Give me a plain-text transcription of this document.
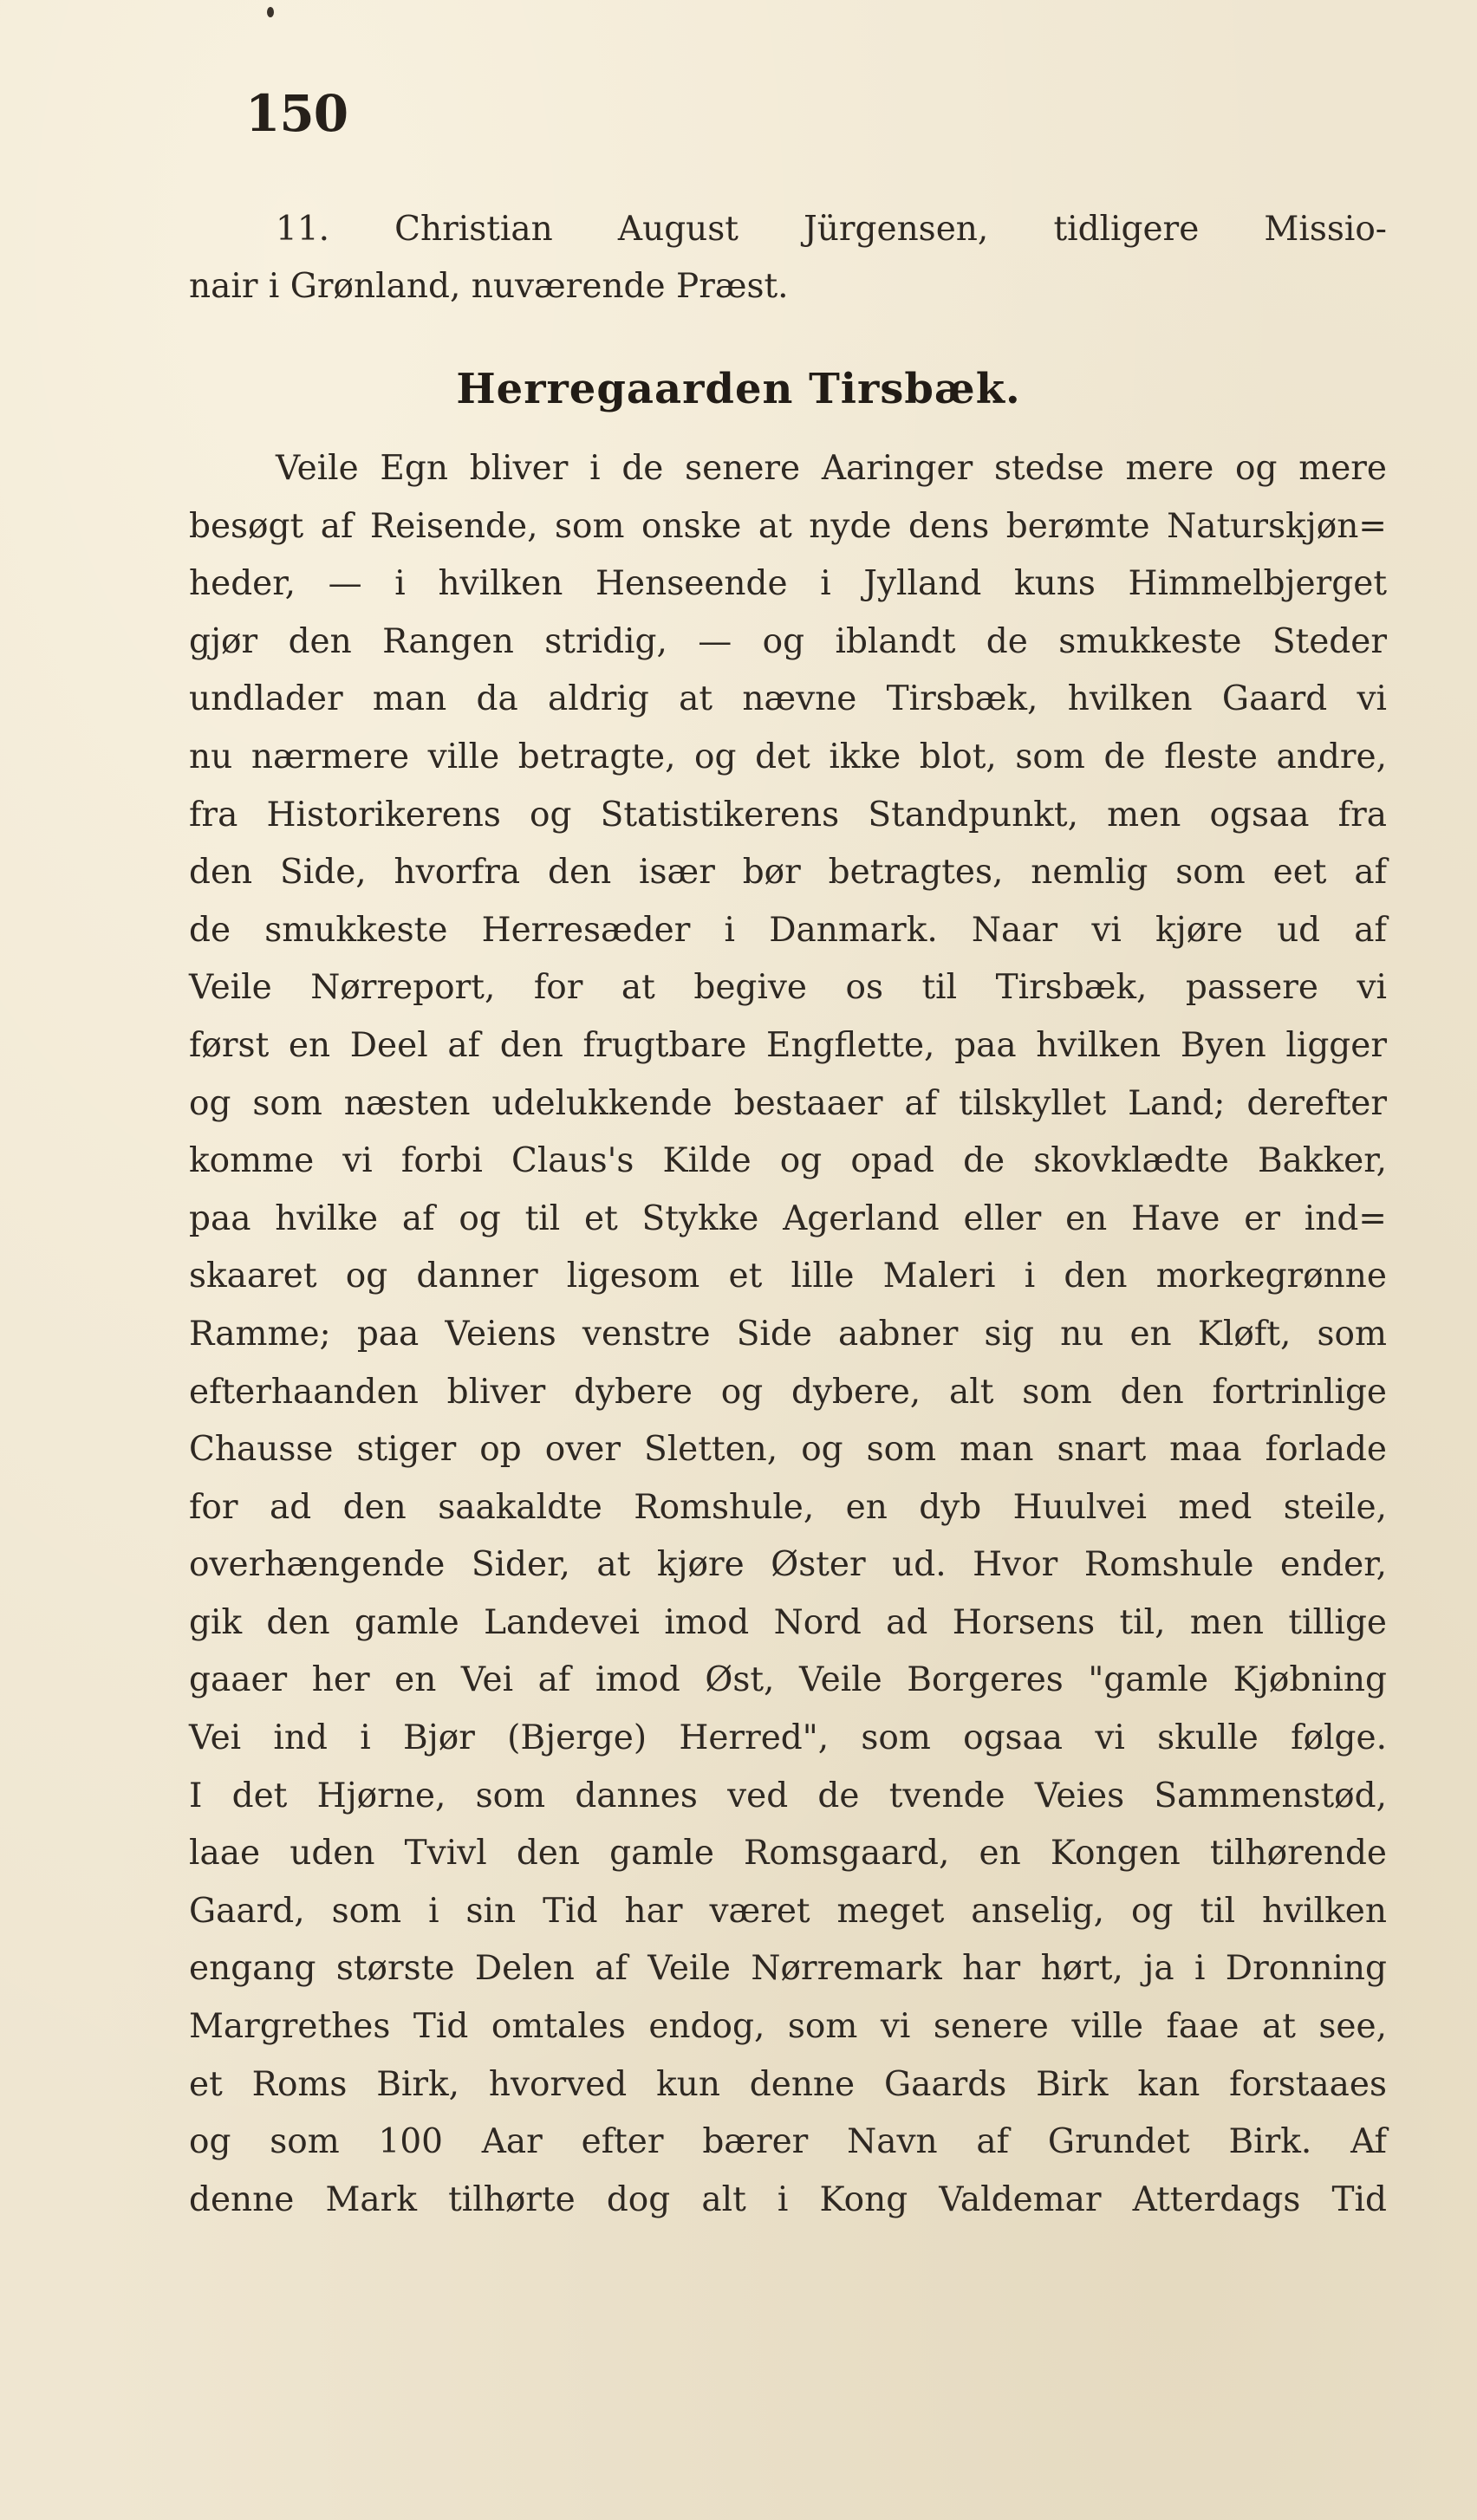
150
11. Christian August Jürgensen, tidligere Missio-
nair i Grønland, nuværende Præst.
Herregaarden Tirsbæk.
Veile Egn bliver i de senere Aaringer stedse mere og mere
besøgt af Reisende, som onske at nyde dens berømte Naturskjøn=
heder, — i hvilken Henseende i Jylland kuns Himmelbjerget
gjør den Rangen stridig, — og iblandt de smukkeste Steder
undlader man da aldrig at nævne Tirsbæk, hvilken Gaard vi
nu nærmere ville betragte, og det ikke blot, som de fleste andre,
fra Historikerens og Statistikerens Standpunkt, men ogsaa fra
den Side, hvorfra den især bør betragtes, nemlig som eet af
de smukkeste Herresæder i Danmark. Naar vi kjøre ud af
Veile Nørreport, for at begive os til Tirsbæk, passere vi
først en Deel af den frugtbare Engflette, paa hvilken Byen ligger
og som næsten udelukkende bestaaer af tilskyllet Land; derefter
komme vi forbi Claus's Kilde og opad de skovklædte Bakker,
paa hvilke af og til et Stykke Agerland eller en Have er ind=
skaaret og danner ligesom et lille Maleri i den morkegrønne
Ramme; paa Veiens venstre Side aabner sig nu en Kløft, som
efterhaanden bliver dybere og dybere, alt som den fortrinlige
Chausse stiger op over Sletten, og som man snart maa forlade
for ad den saakaldte Romshule, en dyb Huulvei med steile,
overhængende Sider, at kjøre Øster ud. Hvor Romshule ender,
gik den gamle Landevei imod Nord ad Horsens til, men tillige
gaaer her en Vei af imod Øst, Veile Borgeres "gamle Kjøbning
Vei ind i Bjør (Bjerge) Herred", som ogsaa vi skulle følge.
I det Hjørne, som dannes ved de tvende Veies Sammenstød,
laae uden Tvivl den gamle Romsgaard, en Kongen tilhørende
Gaard, som i sin Tid har været meget anselig, og til hvilken
engang største Delen af Veile Nørremark har hørt, ja i Dronning
Margrethes Tid omtales endog, som vi senere ville faae at see,
et Roms Birk, hvorved kun denne Gaards Birk kan forstaaes
og som 100 Aar efter bærer Navn af Grundet Birk. Af
denne Mark tilhørte dog alt i Kong Valdemar Atterdags Tid
